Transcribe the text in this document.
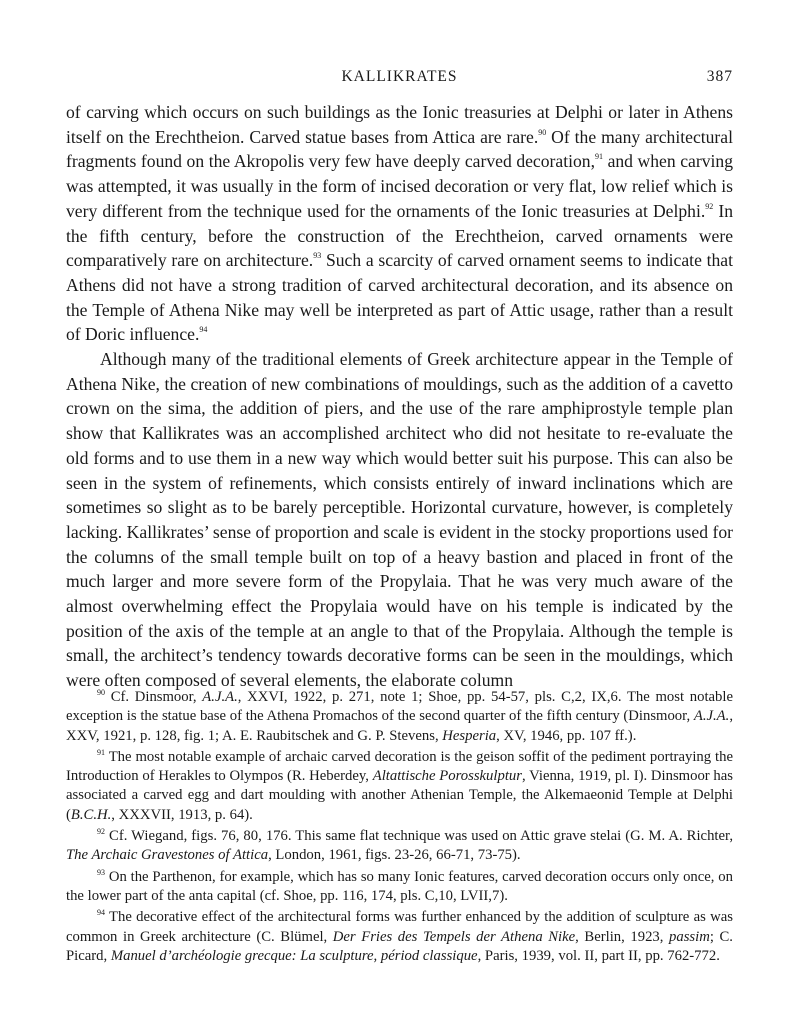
KALLIKRATES	387

of carving which occurs on such buildings as the Ionic treasuries at Delphi or later in Athens itself on the Erechtheion. Carved statue bases from Attica are rare.$^{90}$ Of the many architectural fragments found on the Akropolis very few have deeply carved decoration,$^{91}$ and when carving was attempted, it was usually in the form of incised decoration or very flat, low relief which is very different from the technique used for the ornaments of the Ionic treasuries at Delphi.$^{92}$ In the fifth century, before the construction of the Erechtheion, carved ornaments were comparatively rare on architecture.$^{93}$ Such a scarcity of carved ornament seems to indicate that Athens did not have a strong tradition of carved architectural decoration, and its absence on the Temple of Athena Nike may well be interpreted as part of Attic usage, rather than a result of Doric influence.$^{94}$

Although many of the traditional elements of Greek architecture appear in the Temple of Athena Nike, the creation of new combinations of mouldings, such as the addition of a cavetto crown on the sima, the addition of piers, and the use of the rare amphiprostyle temple plan show that Kallikrates was an accomplished architect who did not hesitate to re-evaluate the old forms and to use them in a new way which would better suit his purpose. This can also be seen in the system of refinements, which consists entirely of inward inclinations which are sometimes so slight as to be barely perceptible. Horizontal curvature, however, is completely lacking. Kallikrates’ sense of proportion and scale is evident in the stocky proportions used for the columns of the small temple built on top of a heavy bastion and placed in front of the much larger and more severe form of the Propylaia. That he was very much aware of the almost overwhelming effect the Propylaia would have on his temple is indicated by the position of the axis of the temple at an angle to that of the Propylaia. Although the temple is small, the architect’s tendency towards decorative forms can be seen in the mouldings, which were often composed of several elements, the elaborate column

$^{90}$ Cf. Dinsmoor, A.J.A., XXVI, 1922, p. 271, note 1; Shoe, pp. 54-57, pls. C,2, IX,6. The most notable exception is the statue base of the Athena Promachos of the second quarter of the fifth century (Dinsmoor, A.J.A., XXV, 1921, p. 128, fig. 1; A. E. Raubitschek and G. P. Stevens, Hesperia, XV, 1946, pp. 107 ff.).

$^{91}$ The most notable example of archaic carved decoration is the geison soffit of the pediment portraying the Introduction of Herakles to Olympos (R. Heberdey, Altattische Porosskulptur, Vienna, 1919, pl. I). Dinsmoor has associated a carved egg and dart moulding with another Athenian Temple, the Alkemaeonid Temple at Delphi (B.C.H., XXXVII, 1913, p. 64).

$^{92}$ Cf. Wiegand, figs. 76, 80, 176. This same flat technique was used on Attic grave stelai (G. M. A. Richter, The Archaic Gravestones of Attica, London, 1961, figs. 23-26, 66-71, 73-75).

$^{93}$ On the Parthenon, for example, which has so many Ionic features, carved decoration occurs only once, on the lower part of the anta capital (cf. Shoe, pp. 116, 174, pls. C,10, LVII,7).

$^{94}$ The decorative effect of the architectural forms was further enhanced by the addition of sculpture as was common in Greek architecture (C. Blümel, Der Fries des Tempels der Athena Nike, Berlin, 1923, passim; C. Picard, Manuel d’archéologie grecque: La sculpture, périod classique, Paris, 1939, vol. II, part II, pp. 762-772.
